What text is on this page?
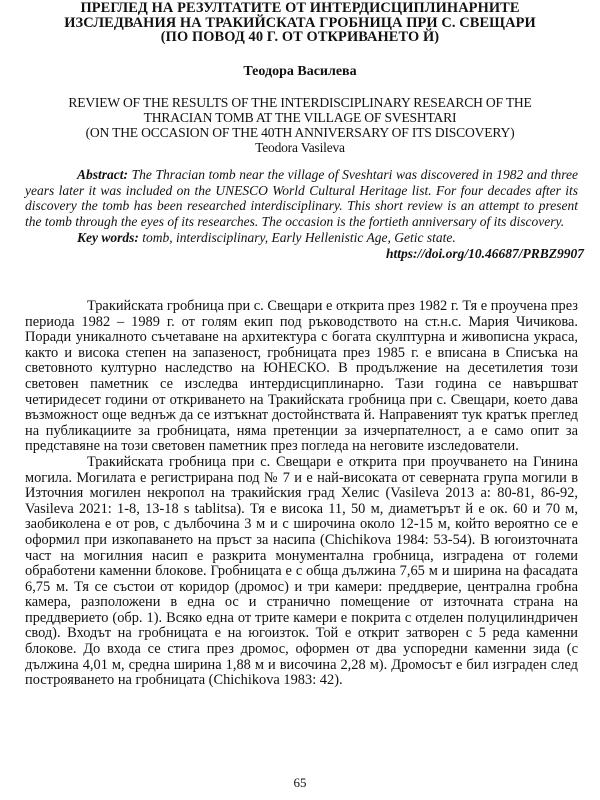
ПРЕГЛЕД НА РЕЗУЛТАТИТЕ ОТ ИНТЕРДИСЦИПЛИНАРНИТЕ
ИЗСЛЕДВАНИЯ НА ТРАКИЙСКАТА ГРОБНИЦА ПРИ С. СВЕЩАРИ
(ПО ПОВОД 40 Г. ОТ ОТКРИВАНЕТО Й)
Теодора Василева
REVIEW OF THE RESULTS OF THE INTERDISCIPLINARY RESEARCH OF THE
THRACIAN TOMB AT THE VILLAGE OF SVESHTARI
(ON THE OCCASION OF THE 40TH ANNIVERSARY OF ITS DISCOVERY)
Teodora Vasileva

Abstract: The Thracian tomb near the village of Sveshtari was discovered in 1982 and three years later it was included on the UNESCO World Cultural Heritage list. For four decades after its discovery the tomb has been researched interdisciplinary. This short review is an attempt to present the tomb through the eyes of its researches. The occasion is the fortieth anniversary of its discovery.

Key words: tomb, interdisciplinary, Early Hellenistic Age, Getic state.

https://doi.org/10.46687/PRBZ9907

Тракийската гробница при с. Свещари е открита през 1982 г. Тя е проучена през периода 1982 – 1989 г. от голям екип под ръководството на ст.н.с. Мария Чичикова. Поради уникалното съчетаване на архитектура с богата скулптурна и живописна украса, както и висока степен на запазеност, гробницата през 1985 г. е вписана в Списъка на световното културно наследство на ЮНЕСКО. В продължение на десетилетия този световен паметник се изследва интердисциплинарно. Тази година се навършват четиридесет години от откриването на Тракийската гробница при с. Свещари, което дава възможност още веднъж да се изтъкнат достойнствата й. Направеният тук кратък преглед на публикациите за гробницата, няма претенции за изчерпателност, а е само опит за представяне на този световен паметник през погледа на неговите изследователи.

Тракийската гробница при с. Свещари е открита при проучването на Гинина могила. Могилата е регистрирана под № 7 и е най-високата от северната група могили в Източния могилен некропол на тракийския град Хелис (Vasileva 2013 a: 80-81, 86-92, Vasileva 2021: 1-8, 13-18 s tablitsa). Тя е висока 11, 50 м, диаметърът й е ок. 60 и 70 м, заобиколена е от ров, с дълбочина 3 м и с широчина около 12-15 м, който вероятно се е оформил при изкопаването на пръст за насипа (Chichikova 1984: 53-54). В югоизточната част на могилния насип е разкрита монументална гробница, изградена от големи обработени каменни блокове. Гробницата е с обща дължина 7,65 м и ширина на фасадата 6,75 м. Тя се състои от коридор (дромос) и три камери: преддверие, централна гробна камера, разположени в една ос и странично помещение от източната страна на преддверието (обр. 1). Всяко една от трите камери е покрита с отделен полуцилиндричен свод). Входът на гробницата е на югоизток. Той е открит затворен с 5 реда каменни блокове. До входа се стига през дромос, оформен от два успоредни каменни зида (с дължина 4,01 м, средна ширина 1,88 м и височина 2,28 м). Дромосът е бил изграден след построяването на гробницата (Chichikova 1983: 42).

65
